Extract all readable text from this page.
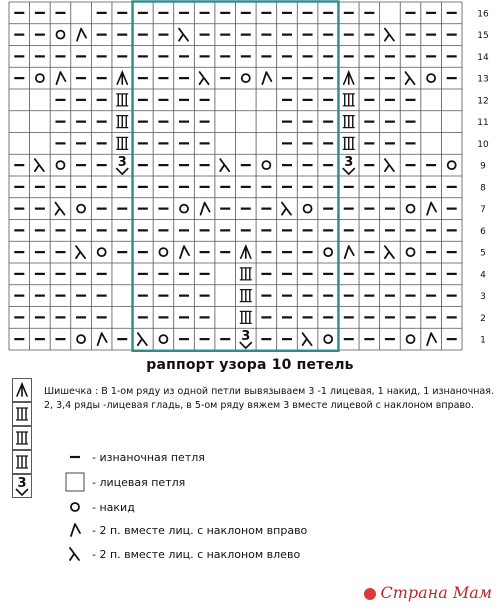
3	3
3
16
15
14
13
12
11
10
9
8
7
6
5
4
3
2
1
раппорт узора 10 петель
3
Шишечка : В 1-ом ряду из одной петли вывязываем 3 -1 лицевая, 1 накид, 1 изнаночная. 2, 3,4 ряды -лицевая гладь, в 5-ом ряду вяжем 3 вместе лицевой с наклоном вправо.
- изнаночная петля
- лицевая петля
- накид
- 2 п. вместе лиц. с наклоном вправо
- 2 п. вместе лиц. с наклоном влево
Страна Мам
